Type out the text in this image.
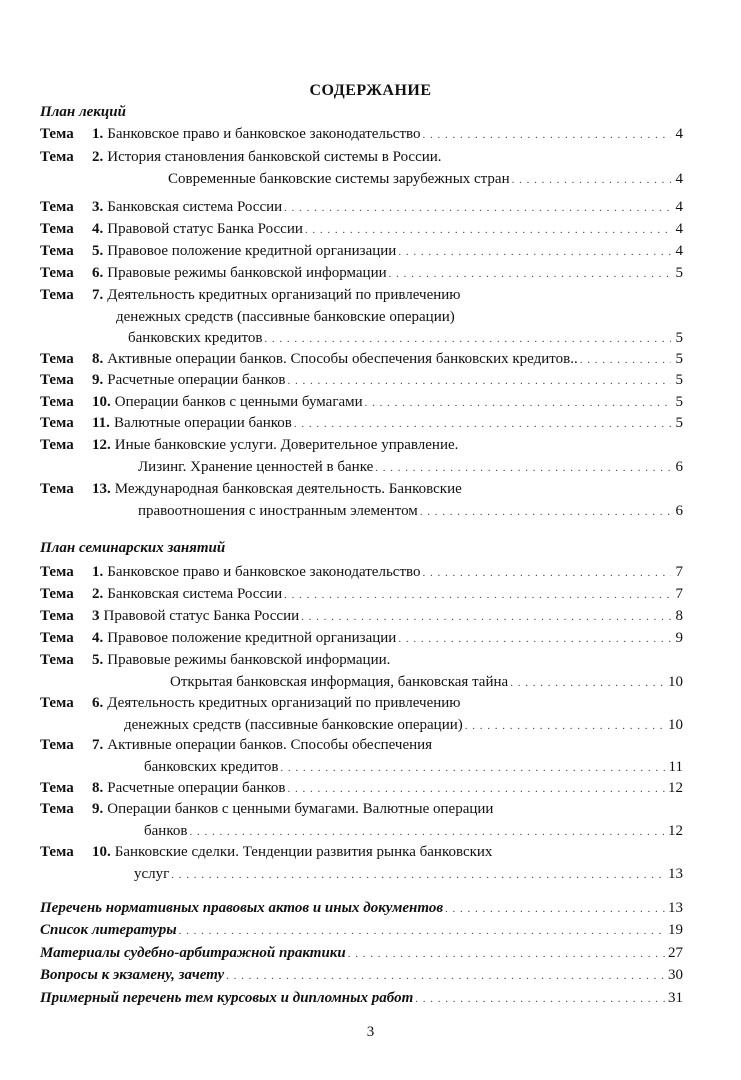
СОДЕРЖАНИЕ
План лекций
Тема	1. Банковское право и банковское законодательство . . .	4
Тема	2. История становления банковской системы в России.
Современные банковские системы зарубежных стран . . .	4
Тема	3. Банковская система России . . .	4
Тема	4. Правовой статус Банка России . . .	4
Тема	5. Правовое положение кредитной организации . . .	4
Тема	6. Правовые режимы банковской информации . . .	5
Тема	7. Деятельность кредитных организаций по привлечению
денежных средств (пассивные банковские операции)
банковских кредитов . . .	5
Тема	8. Активные операции банков. Способы обеспечения банковских кредитов.. . . .	5
Тема	9. Расчетные операции банков . . .	5
Тема	10. Операции банков с ценными бумагами . . .	5
Тема	11. Валютные операции банков . . .	5
Тема	12. Иные банковские услуги. Доверительное управление.
Лизинг. Хранение ценностей в банке . . .	6
Тема	13. Международная банковская деятельность. Банковские
правоотношения с иностранным элементом . . .	6
План семинарских занятий
Тема	1. Банковское право и банковское законодательство . . .	7
Тема	2. Банковская система России . . .	7
Тема	3 Правовой статус Банка России . . .	8
Тема	4. Правовое положение кредитной организации . . .	9
Тема	5. Правовые режимы банковской информации.
Открытая банковская информация, банковская тайна . . .	10
Тема	6. Деятельность кредитных организаций по привлечению
денежных средств (пассивные банковские операции) . . .	10
Тема	7. Активные операции банков. Способы обеспечения
банковских кредитов . . .	11
Тема	8. Расчетные операции банков . . .	12
Тема	9. Операции банков с ценными бумагами. Валютные операции
банков . . .	12
Тема	10. Банковские сделки. Тенденции развития рынка банковских
услуг . . .	13
Перечень нормативных правовых актов и иных документов . . .	13
Список литературы . . .	19
Материалы судебно-арбитражной практики . . .	27
Вопросы к экзамену, зачету . . .	30
Примерный перечень тем курсовых и дипломных работ . . .	31
3
